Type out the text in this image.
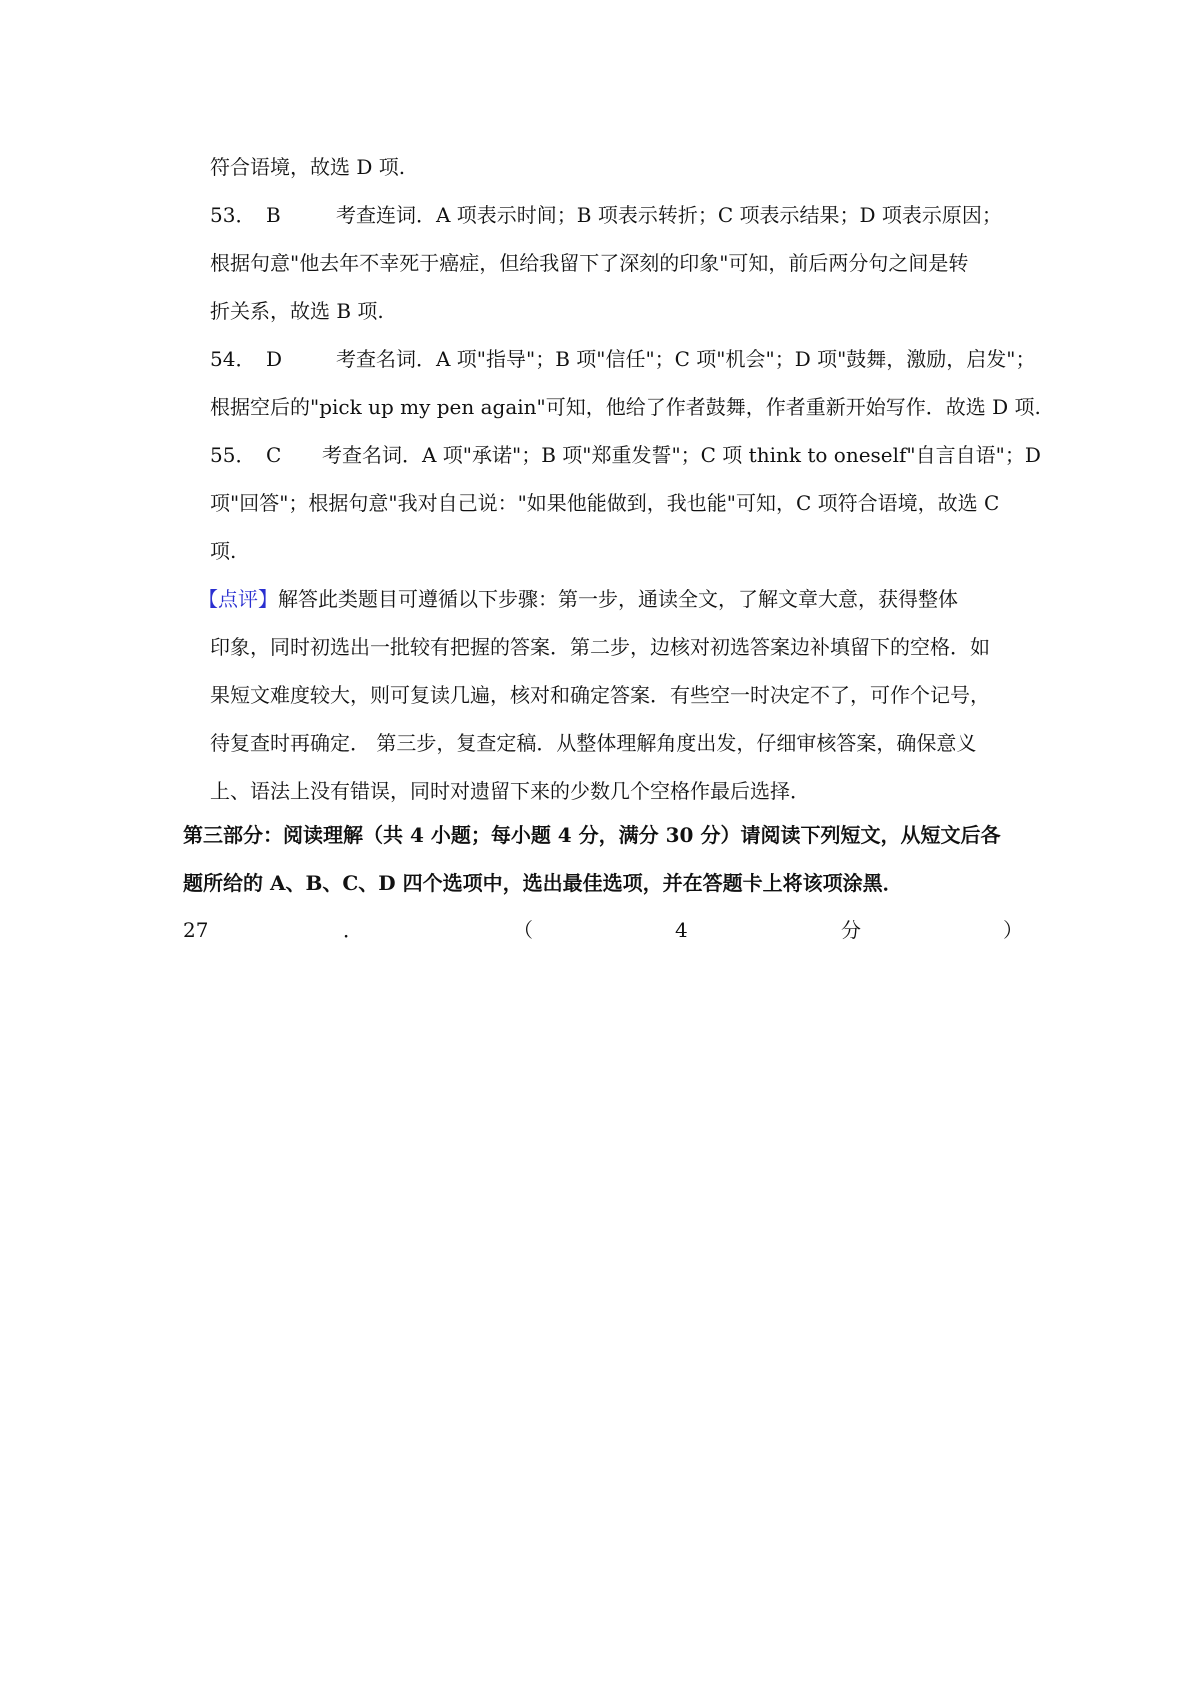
符合语境，故选 D 项.
53． B	考查连词．A 项表示时间；B 项表示转折；C 项表示结果；D 项表示原因；
根据句意"他去年不幸死于癌症，但给我留下了深刻的印象"可知，前后两分句之间是转
折关系，故选 B 项.
54． D	考查名词．A 项"指导"；B 项"信任"；C 项"机会"；D 项"鼓舞，激励，启发"；
根据空后的"pick up my pen again"可知，他给了作者鼓舞，作者重新开始写作．故选 D 项.
55． C 考查名词．A 项"承诺"；B 项"郑重发誓"；C 项 think to oneself"自言自语"；D
项"回答"；根据句意"我对自己说："如果他能做到，我也能"可知，C 项符合语境，故选 C
项.
【点评】解答此类题目可遵循以下步骤：第一步，通读全文，了解文章大意，获得整体
印象，同时初选出一批较有把握的答案．第二步，边核对初选答案边补填留下的空格．如
果短文难度较大，则可复读几遍，核对和确定答案．有些空一时决定不了，可作个记号，
待复查时再确定． 第三步，复查定稿．从整体理解角度出发，仔细审核答案，确保意义
上、语法上没有错误，同时对遗留下来的少数几个空格作最后选择．
第三部分：阅读理解（共 4 小题；每小题 4 分，满分 30 分）请阅读下列短文，从短文后各
题所给的 A、B、C、D 四个选项中，选出最佳选项，并在答题卡上将该项涂黑．
27	．	（	4	分	）
